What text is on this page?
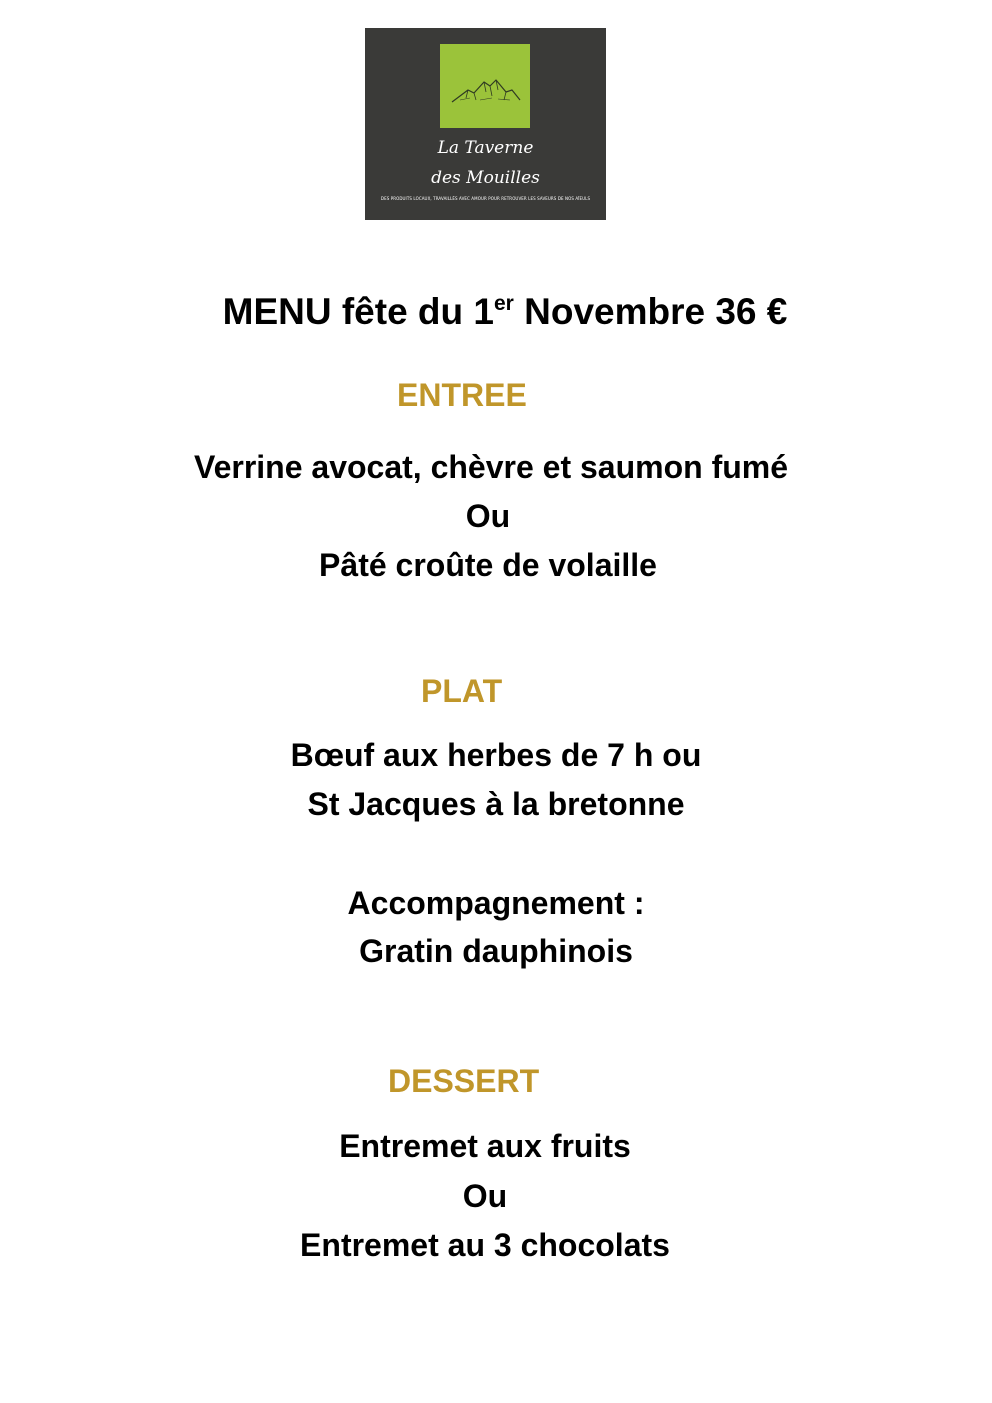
La Taverne
des Mouilles
DES PRODUITS LOCAUX, TRAVAILLÉS AVEC AMOUR POUR RETROUVER LES SAVEURS DE NOS AÏEULS
MENU fête du 1er Novembre 36 €
ENTREE
Verrine avocat, chèvre et saumon fumé
Ou
Pâté croûte de volaille
PLAT
Bœuf aux herbes de 7 h ou
St Jacques à la bretonne
Accompagnement :
Gratin dauphinois
DESSERT
Entremet aux fruits
Ou
Entremet au 3 chocolats
